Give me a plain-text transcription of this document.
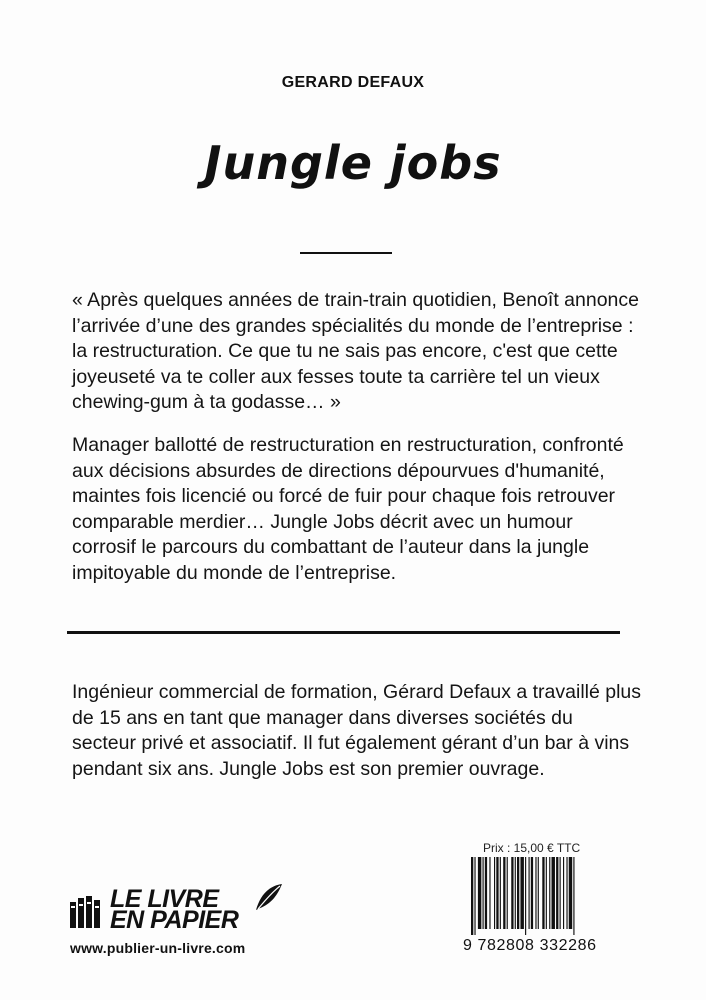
GERARD DEFAUX
Jungle jobs
« Après quelques années de train-train quotidien, Benoît annonce l’arrivée d’une des grandes spécialités du monde de l’entreprise : la restructuration. Ce que tu ne sais pas encore, c'est que cette joyeuseté va te coller aux fesses toute ta carrière tel un vieux chewing-gum à ta godasse… »
Manager ballotté de restructuration en restructuration, confronté aux décisions absurdes de directions dépourvues d'humanité, maintes fois licencié ou forcé de fuir pour chaque fois retrouver comparable merdier… Jungle Jobs décrit avec un humour corrosif le parcours du combattant de l’auteur dans la jungle impitoyable du monde de l’entreprise.
Ingénieur commercial de formation, Gérard Defaux a travaillé plus de 15 ans en tant que manager dans diverses sociétés du secteur privé et associatif. Il fut également gérant d’un bar à vins pendant six ans. Jungle Jobs est son premier ouvrage.
LE LIVRE
EN PAPIER
www.publier-un-livre.com
Prix : 15,00 € TTC
9 782808 332286
